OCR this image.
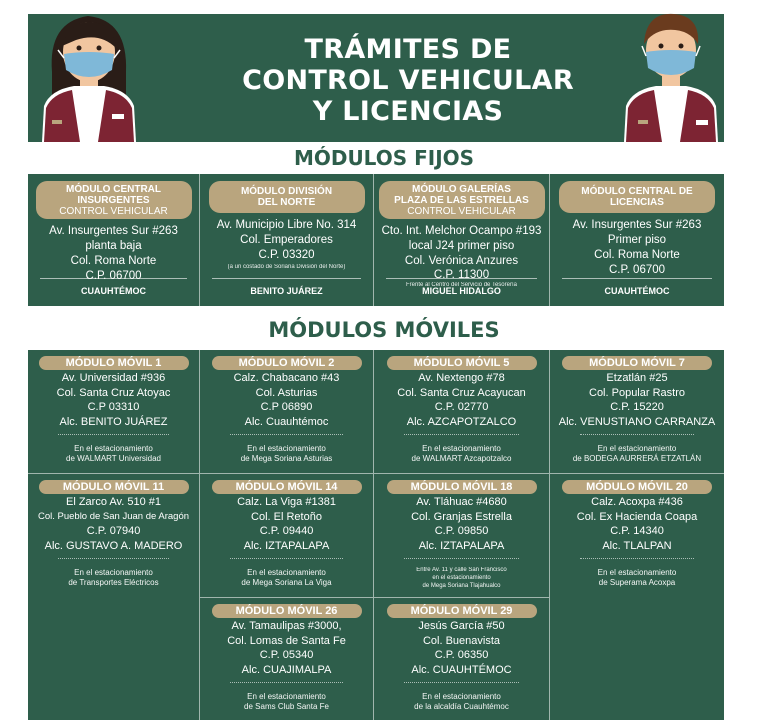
TRÁMITES DE
CONTROL VEHICULAR
Y LICENCIAS
MÓDULOS FIJOS
MÓDULO CENTRAL
INSURGENTES
CONTROL VEHICULAR
Av. Insurgentes Sur #263
planta baja
Col. Roma Norte
C.P. 06700
CUAUHTÉMOC
MÓDULO DIVISIÓN
DEL NORTE
Av. Municipio Libre No. 314
Col. Emperadores
C.P. 03320
(a un costado de Soriana División del Norte)
BENITO JUÁREZ
MÓDULO GALERÍAS
PLAZA DE LAS ESTRELLAS
CONTROL VEHICULAR
Cto. Int. Melchor Ocampo #193
local J24 primer piso
Col. Verónica Anzures
C.P. 11300
Frente al Centro del Servicio de Tesorería
MIGUEL HIDALGO
MÓDULO CENTRAL DE
LICENCIAS
Av. Insurgentes Sur #263
Primer piso
Col. Roma Norte
C.P. 06700
CUAUHTÉMOC
MÓDULOS MÓVILES
MÓDULO MÓVIL 1
Av. Universidad #936
Col. Santa Cruz Atoyac
C.P 03310
Alc. BENITO JUÁREZ
En el estacionamiento
de WALMART Universidad
MÓDULO MÓVIL 2
Calz. Chabacano #43
Col. Asturias
C.P 06890
Alc. Cuauhtémoc
En el estacionamiento
de Mega Soriana Asturias
MÓDULO MÓVIL 5
Av. Nextengo #78
Col. Santa Cruz Acayucan
C.P. 02770
Alc. AZCAPOTZALCO
En el estacionamiento
de WALMART Azcapotzalco
MÓDULO MÓVIL 7
Etzatlán #25
Col. Popular Rastro
C.P. 15220
Alc. VENUSTIANO CARRANZA
En el estacionamiento
de BODEGA AURRERÁ ETZATLÁN
MÓDULO MÓVIL 11
El Zarco Av. 510 #1
Col. Pueblo de San Juan de Aragón
C.P. 07940
Alc. GUSTAVO A. MADERO
En el estacionamiento
de Transportes Eléctricos
MÓDULO MÓVIL 14
Calz. La Viga #1381
Col. El Retoño
C.P. 09440
Alc. IZTAPALAPA
En el estacionamiento
de Mega Soriana La Viga
MÓDULO MÓVIL 18
Av. Tláhuac #4680
Col. Granjas Estrella
C.P. 09850
Alc. IZTAPALAPA
Entre Av. 11 y calle San Francisco
en el estacionamiento
de Mega Soriana Tlajahualco
MÓDULO MÓVIL 20
Calz. Acoxpa #436
Col. Ex Hacienda Coapa
C.P. 14340
Alc. TLALPAN
En el estacionamiento
de Superama Acoxpa
MÓDULO MÓVIL 26
Av. Tamaulipas #3000,
Col. Lomas de Santa Fe
C.P. 05340
Alc. CUAJIMALPA
En el estacionamiento
de Sams Club Santa Fe
MÓDULO MÓVIL 29
Jesús García #50
Col. Buenavista
C.P. 06350
Alc. CUAUHTÉMOC
En el estacionamiento
de la alcaldía Cuauhtémoc
